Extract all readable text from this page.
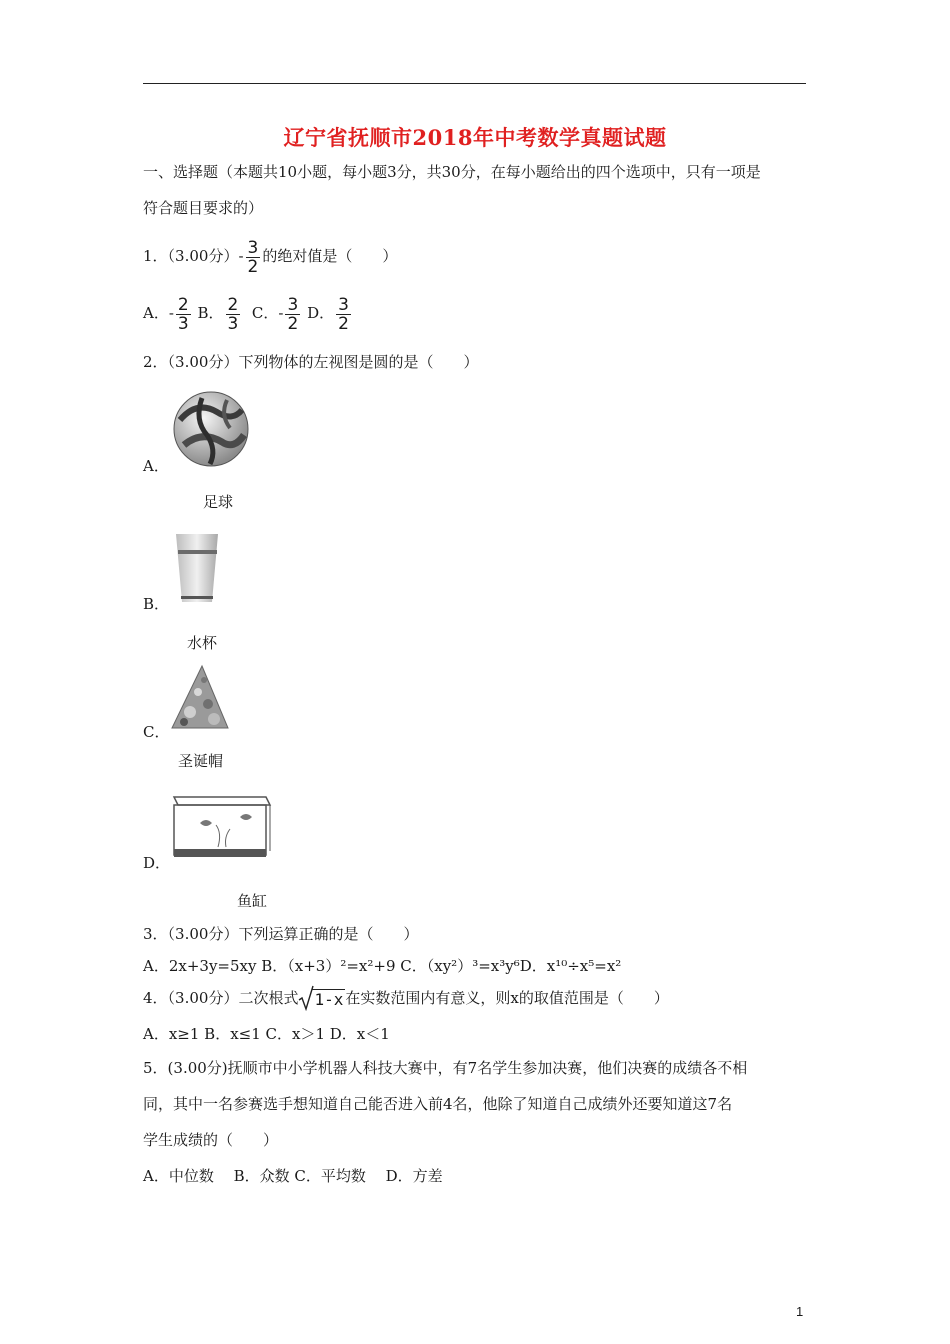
辽宁省抚顺市2018年中考数学真题试题
一、选择题（本题共10小题，每小题3分，共30分，在每小题给出的四个选项中，只有一项是
符合题目要求的）
1．（3.00分）- $\frac{3}{2}$ 的绝对值是（　　）
A．- $\frac{2}{3}$ B． $\frac{2}{3}$ C．- $\frac{3}{2}$ D． $\frac{3}{2}$
2．（3.00分）下列物体的左视图是圆的是（　　）
A．
足球
B．
水杯
C．
圣诞帽
D．
鱼缸
3．（3.00分）下列运算正确的是（　　）
A．2x+3y=5xy B．（x+3）²=x²+9 C．（xy²）³=x³y⁶D．x¹⁰÷x⁵=x²
4．（3.00分）二次根式 1-x 在实数范围内有意义，则x的取值范围是（　　）
A．x≥1 B．x≤1 C．x＞1 D．x＜1
5．(3.00分)抚顺市中小学机器人科技大赛中，有7名学生参加决赛，他们决赛的成绩各不相
同，其中一名参赛选手想知道自己能否进入前4名，他除了知道自己成绩外还要知道这7名
学生成绩的（　　）
A．中位数　 B．众数 C．平均数　 D．方差
1
